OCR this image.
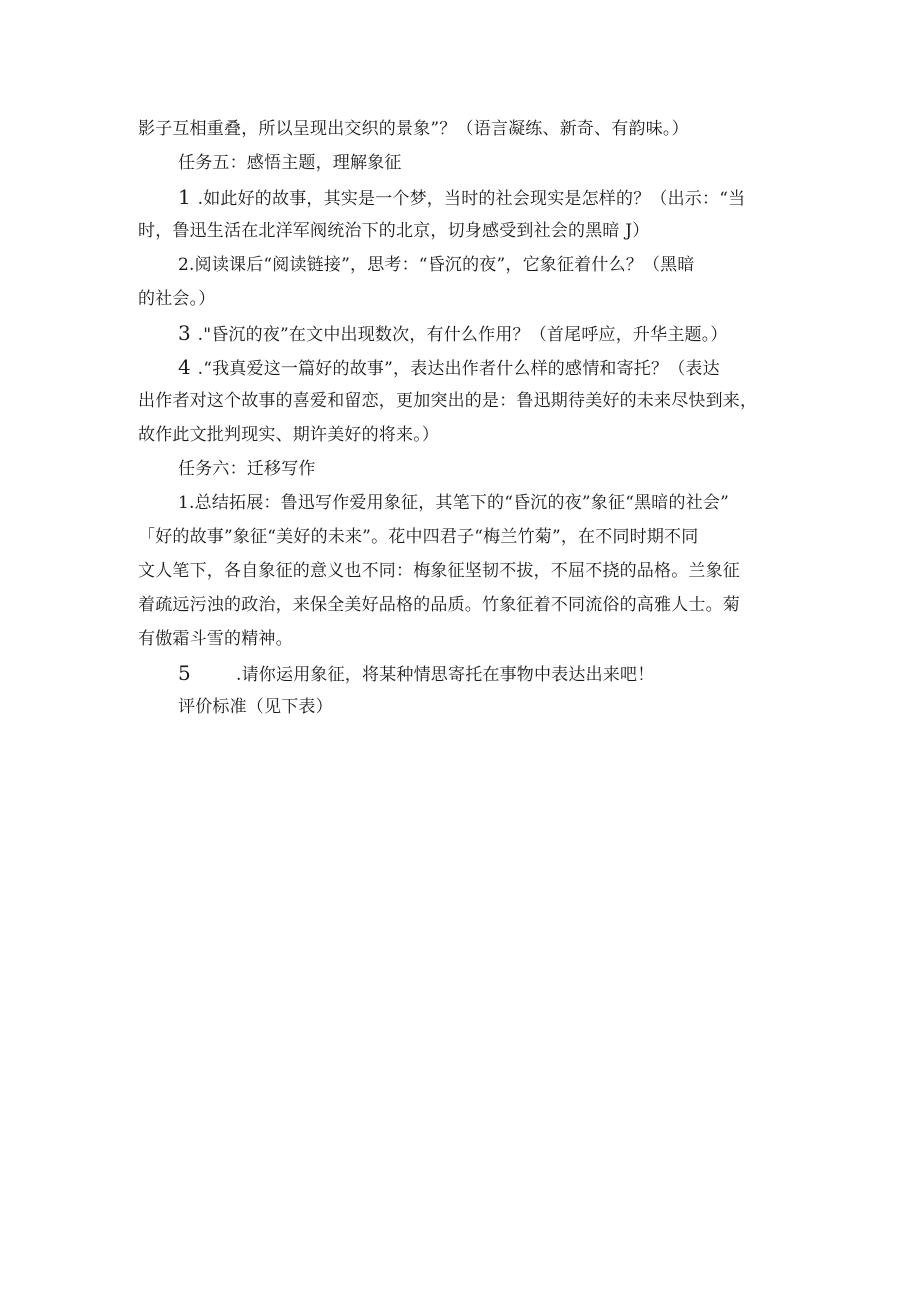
影子互相重叠，所以呈现出交织的景象”？（语言凝练、新奇、有韵味。）
任务五：感悟主题，理解象征
1 .如此好的故事，其实是一个梦，当时的社会现实是怎样的？（出示：“当
时，鲁迅生活在北洋军阀统治下的北京，切身感受到社会的黑暗 J）
2.阅读课后“阅读链接”，思考：“昏沉的夜”，它象征着什么？（黑暗
的社会。）
3 ."昏沉的夜”在文中出现数次，有什么作用？（首尾呼应，升华主题。）
4 .“我真爱这一篇好的故事”，表达出作者什么样的感情和寄托？（表达
出作者对这个故事的喜爱和留恋，更加突出的是：鲁迅期待美好的未来尽快到来，
故作此文批判现实、期许美好的将来。）
任务六：迁移写作
1.总结拓展：鲁迅写作爱用象征，其笔下的“昏沉的夜”象征“黑暗的社会”
「好的故事”象征“美好的未来”。花中四君子“梅兰竹菊”，在不同时期不同
文人笔下，各自象征的意义也不同：梅象征坚韧不拔，不屈不挠的品格。兰象征
着疏远污浊的政治，来保全美好品格的品质。竹象征着不同流俗的高雅人士。菊
有傲霜斗雪的精神。
5	.请你运用象征，将某种情思寄托在事物中表达出来吧！
评价标准（见下表）
